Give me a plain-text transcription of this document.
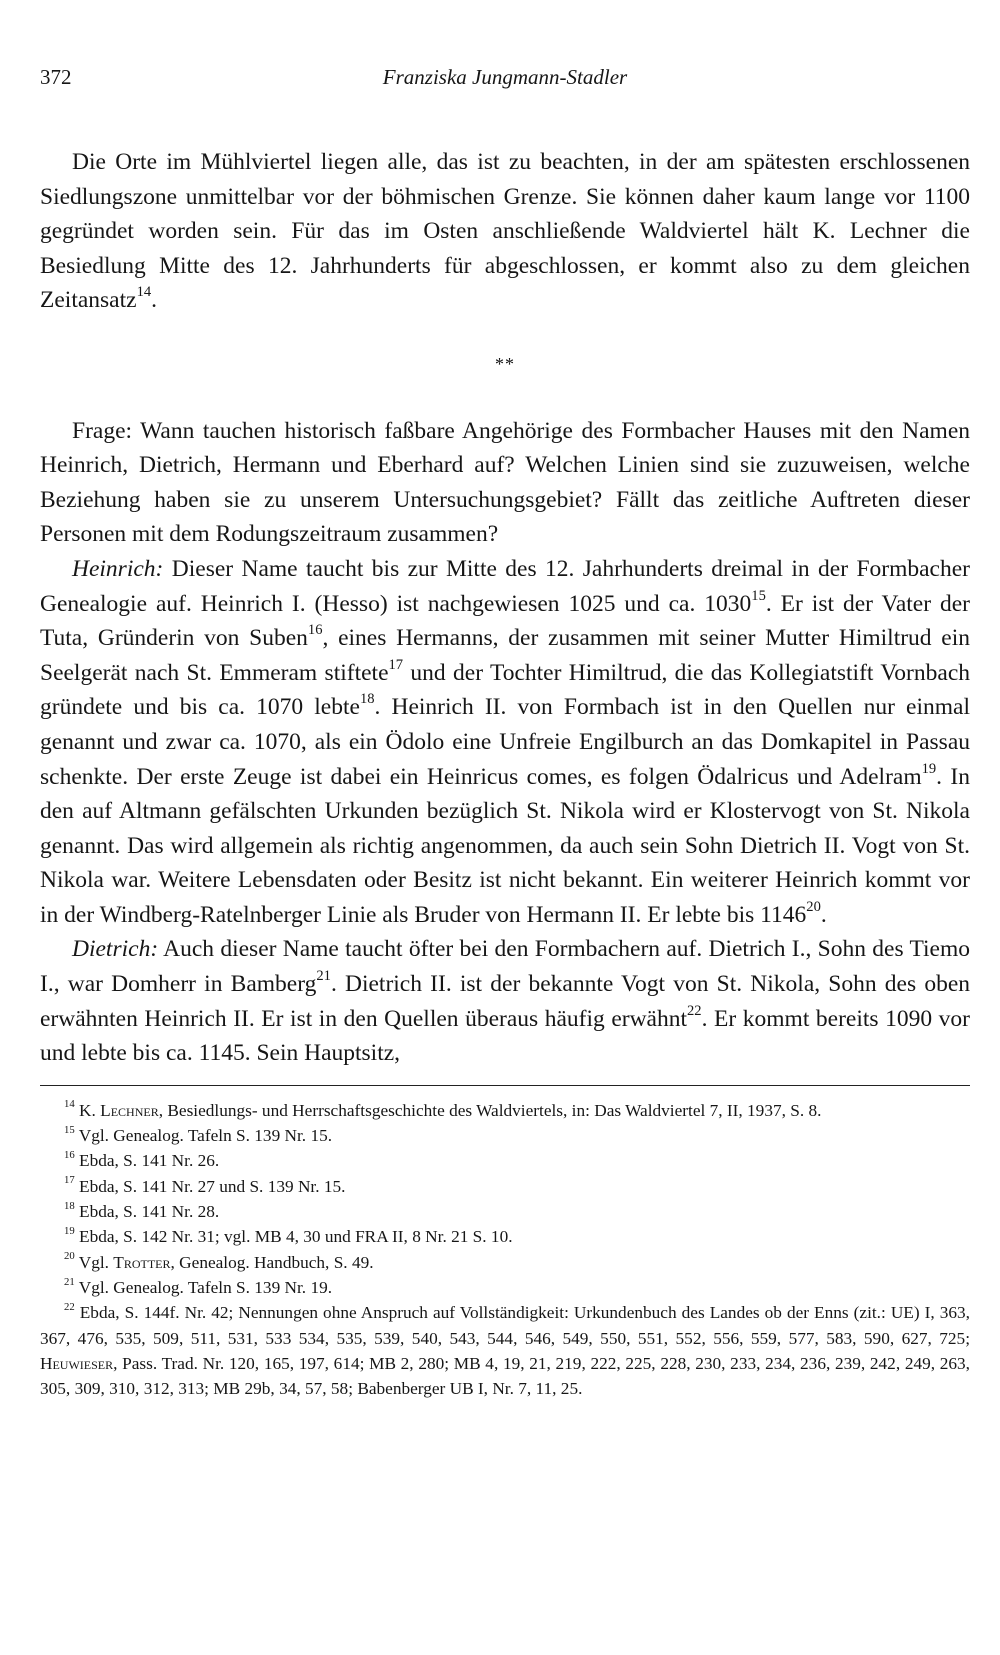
372	Franziska Jungmann-Stadler

Die Orte im Mühlviertel liegen alle, das ist zu beachten, in der am spätesten erschlossenen Siedlungszone unmittelbar vor der böhmischen Grenze. Sie können daher kaum lange vor 1100 gegründet worden sein. Für das im Osten anschließende Waldviertel hält K. Lechner die Besiedlung Mitte des 12. Jahrhunderts für abgeschlossen, er kommt also zu dem gleichen Zeitansatz$^{14}$.

**

Frage: Wann tauchen historisch faßbare Angehörige des Formbacher Hauses mit den Namen Heinrich, Dietrich, Hermann und Eberhard auf? Welchen Linien sind sie zuzuweisen, welche Beziehung haben sie zu unserem Untersuchungsgebiet? Fällt das zeitliche Auftreten dieser Personen mit dem Rodungszeitraum zusammen?

Heinrich: Dieser Name taucht bis zur Mitte des 12. Jahrhunderts dreimal in der Formbacher Genealogie auf. Heinrich I. (Hesso) ist nachgewiesen 1025 und ca. 1030$^{15}$. Er ist der Vater der Tuta, Gründerin von Suben$^{16}$, eines Hermanns, der zusammen mit seiner Mutter Himiltrud ein Seelgerät nach St. Emmeram stiftete$^{17}$ und der Tochter Himiltrud, die das Kollegiatstift Vornbach gründete und bis ca. 1070 lebte$^{18}$. Heinrich II. von Formbach ist in den Quellen nur einmal genannt und zwar ca. 1070, als ein Ödolo eine Unfreie Engilburch an das Domkapitel in Passau schenkte. Der erste Zeuge ist dabei ein Heinricus comes, es folgen Ödalricus und Adelram$^{19}$. In den auf Altmann gefälschten Urkunden bezüglich St. Nikola wird er Klostervogt von St. Nikola genannt. Das wird allgemein als richtig angenommen, da auch sein Sohn Dietrich II. Vogt von St. Nikola war. Weitere Lebensdaten oder Besitz ist nicht bekannt. Ein weiterer Heinrich kommt vor in der Windberg-Ratelnberger Linie als Bruder von Hermann II. Er lebte bis 1146$^{20}$.

Dietrich: Auch dieser Name taucht öfter bei den Formbachern auf. Dietrich I., Sohn des Tiemo I., war Domherr in Bamberg$^{21}$. Dietrich II. ist der bekannte Vogt von St. Nikola, Sohn des oben erwähnten Heinrich II. Er ist in den Quellen überaus häufig erwähnt$^{22}$. Er kommt bereits 1090 vor und lebte bis ca. 1145. Sein Hauptsitz,

$^{14}$ K. Lechner, Besiedlungs- und Herrschaftsgeschichte des Waldviertels, in: Das Waldviertel 7, II, 1937, S. 8.
$^{15}$ Vgl. Genealog. Tafeln S. 139 Nr. 15.
$^{16}$ Ebda, S. 141 Nr. 26.
$^{17}$ Ebda, S. 141 Nr. 27 und S. 139 Nr. 15.
$^{18}$ Ebda, S. 141 Nr. 28.
$^{19}$ Ebda, S. 142 Nr. 31; vgl. MB 4, 30 und FRA II, 8 Nr. 21 S. 10.
$^{20}$ Vgl. Trotter, Genealog. Handbuch, S. 49.
$^{21}$ Vgl. Genealog. Tafeln S. 139 Nr. 19.
$^{22}$ Ebda, S. 144f. Nr. 42; Nennungen ohne Anspruch auf Vollständigkeit: Urkundenbuch des Landes ob der Enns (zit.: UE) I, 363, 367, 476, 535, 509, 511, 531, 533 534, 535, 539, 540, 543, 544, 546, 549, 550, 551, 552, 556, 559, 577, 583, 590, 627, 725; Heuwieser, Pass. Trad. Nr. 120, 165, 197, 614; MB 2, 280; MB 4, 19, 21, 219, 222, 225, 228, 230, 233, 234, 236, 239, 242, 249, 263, 305, 309, 310, 312, 313; MB 29b, 34, 57, 58; Babenberger UB I, Nr. 7, 11, 25.
